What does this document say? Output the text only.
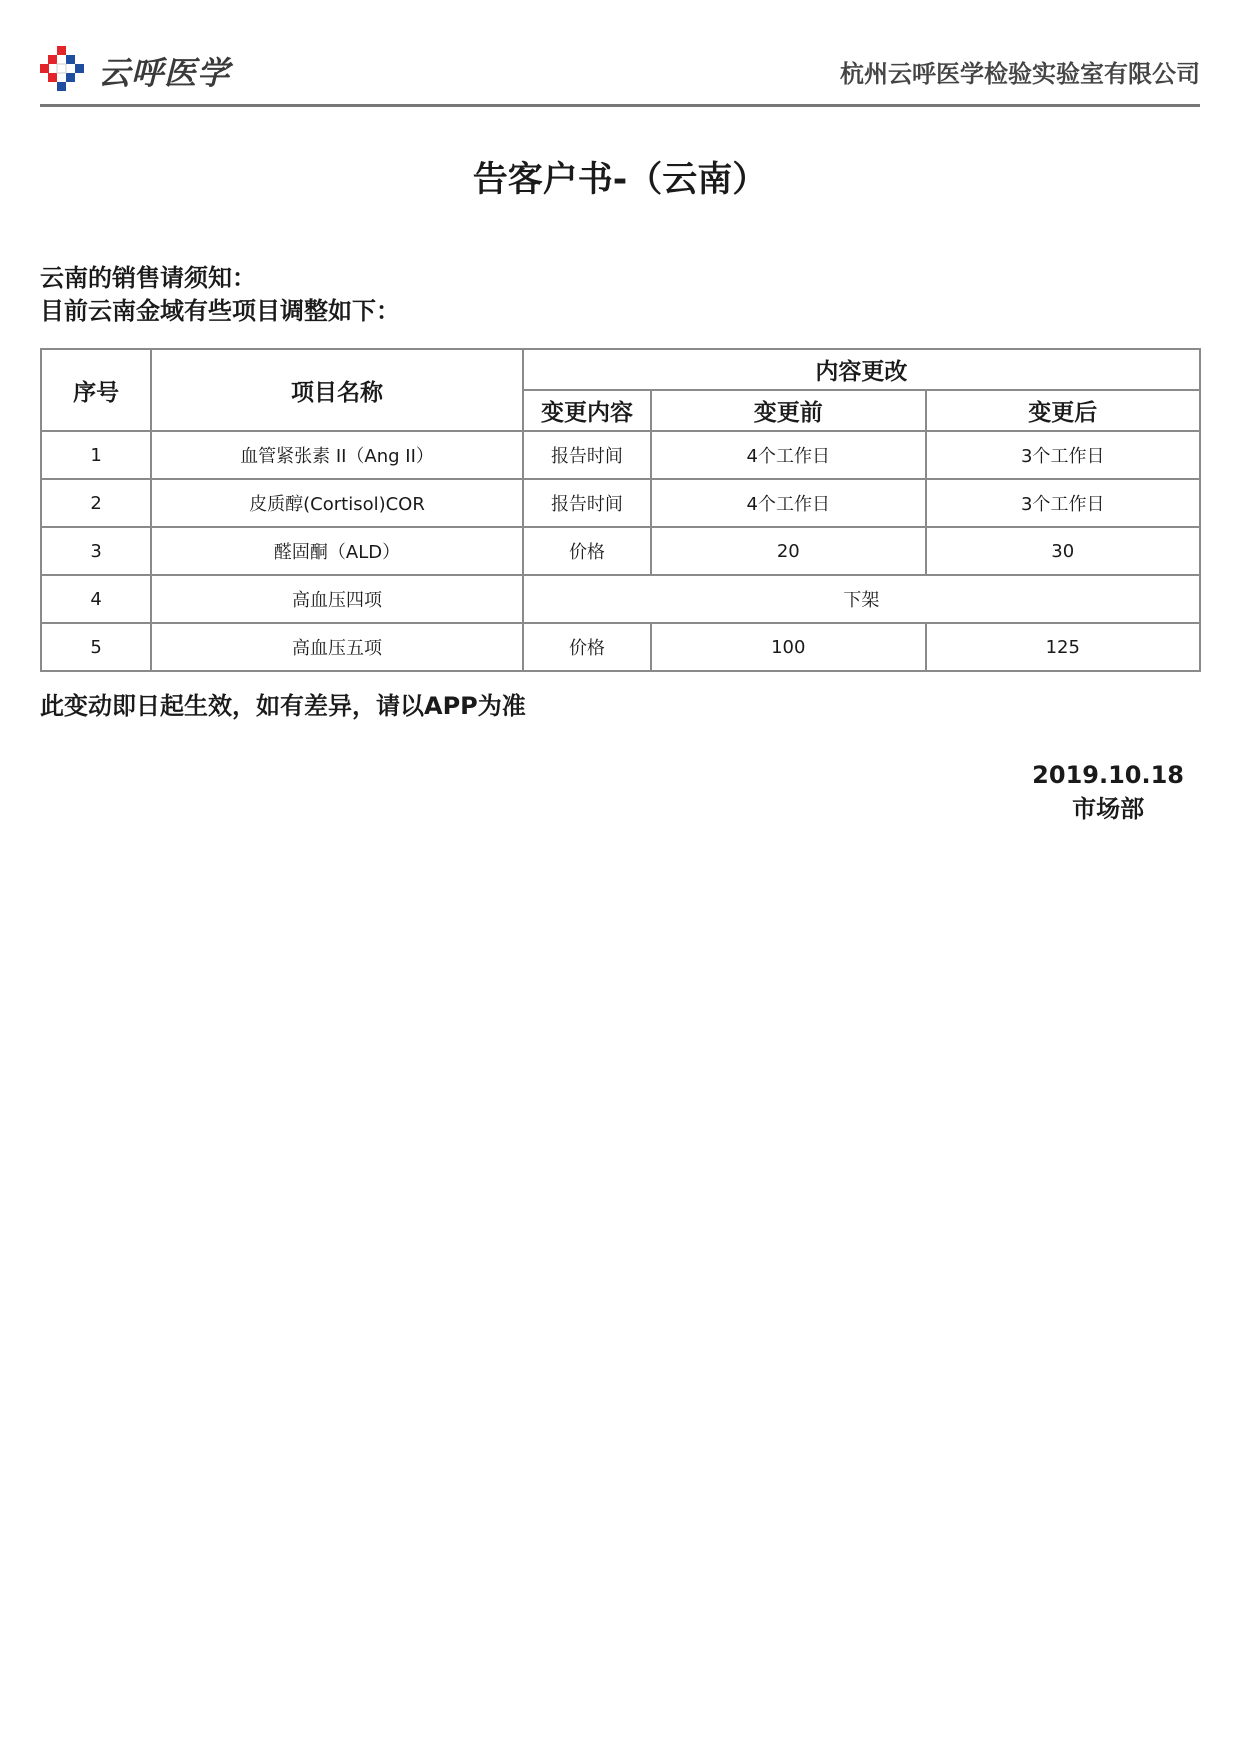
云呼医学	杭州云呼医学检验实验室有限公司
告客户书-（云南）
云南的销售请须知：
目前云南金域有些项目调整如下：
序号	项目名称	内容更改		
		变更内容	变更前	变更后
1	血管紧张素 II（Ang II）	报告时间	4个工作日	3个工作日
2	皮质醇(Cortisol)COR	报告时间	4个工作日	3个工作日
3	醛固酮（ALD）	价格	20	30
4	高血压四项	下架		
5	高血压五项	价格	100	125
此变动即日起生效，如有差异，请以APP为准
2019.10.18
市场部
